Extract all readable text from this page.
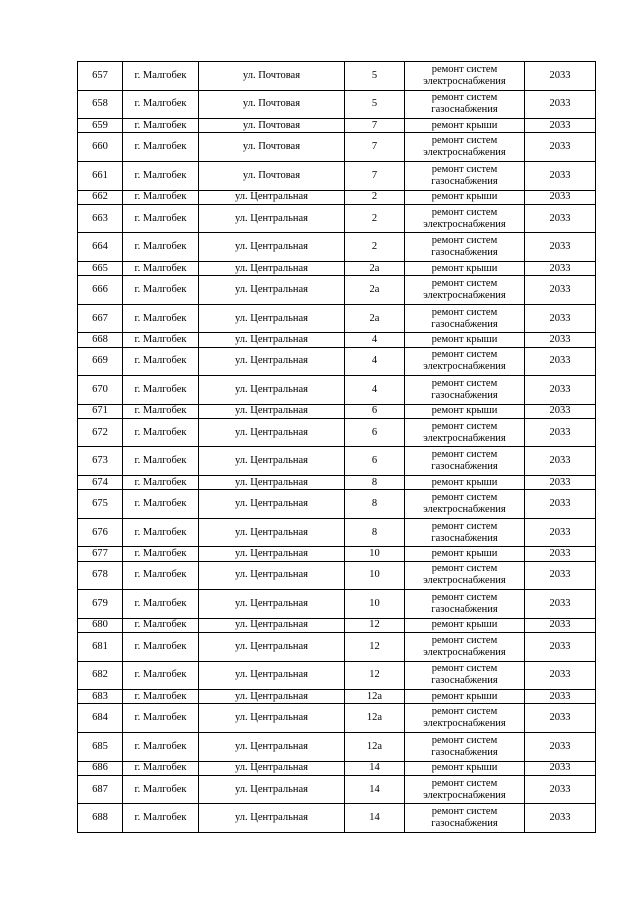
657	г. Малгобек	ул. Почтовая	5	ремонт систем электроснабжения	2033
658	г. Малгобек	ул. Почтовая	5	ремонт систем газоснабжения	2033
659	г. Малгобек	ул. Почтовая	7	ремонт крыши	2033
660	г. Малгобек	ул. Почтовая	7	ремонт систем электроснабжения	2033
661	г. Малгобек	ул. Почтовая	7	ремонт систем газоснабжения	2033
662	г. Малгобек	ул. Центральная	2	ремонт крыши	2033
663	г. Малгобек	ул. Центральная	2	ремонт систем электроснабжения	2033
664	г. Малгобек	ул. Центральная	2	ремонт систем газоснабжения	2033
665	г. Малгобек	ул. Центральная	2а	ремонт крыши	2033
666	г. Малгобек	ул. Центральная	2а	ремонт систем электроснабжения	2033
667	г. Малгобек	ул. Центральная	2а	ремонт систем газоснабжения	2033
668	г. Малгобек	ул. Центральная	4	ремонт крыши	2033
669	г. Малгобек	ул. Центральная	4	ремонт систем электроснабжения	2033
670	г. Малгобек	ул. Центральная	4	ремонт систем газоснабжения	2033
671	г. Малгобек	ул. Центральная	6	ремонт крыши	2033
672	г. Малгобек	ул. Центральная	6	ремонт систем электроснабжения	2033
673	г. Малгобек	ул. Центральная	6	ремонт систем газоснабжения	2033
674	г. Малгобек	ул. Центральная	8	ремонт крыши	2033
675	г. Малгобек	ул. Центральная	8	ремонт систем электроснабжения	2033
676	г. Малгобек	ул. Центральная	8	ремонт систем газоснабжения	2033
677	г. Малгобек	ул. Центральная	10	ремонт крыши	2033
678	г. Малгобек	ул. Центральная	10	ремонт систем электроснабжения	2033
679	г. Малгобек	ул. Центральная	10	ремонт систем газоснабжения	2033
680	г. Малгобек	ул. Центральная	12	ремонт крыши	2033
681	г. Малгобек	ул. Центральная	12	ремонт систем электроснабжения	2033
682	г. Малгобек	ул. Центральная	12	ремонт систем газоснабжения	2033
683	г. Малгобек	ул. Центральная	12а	ремонт крыши	2033
684	г. Малгобек	ул. Центральная	12а	ремонт систем электроснабжения	2033
685	г. Малгобек	ул. Центральная	12а	ремонт систем газоснабжения	2033
686	г. Малгобек	ул. Центральная	14	ремонт крыши	2033
687	г. Малгобек	ул. Центральная	14	ремонт систем электроснабжения	2033
688	г. Малгобек	ул. Центральная	14	ремонт систем газоснабжения	2033
